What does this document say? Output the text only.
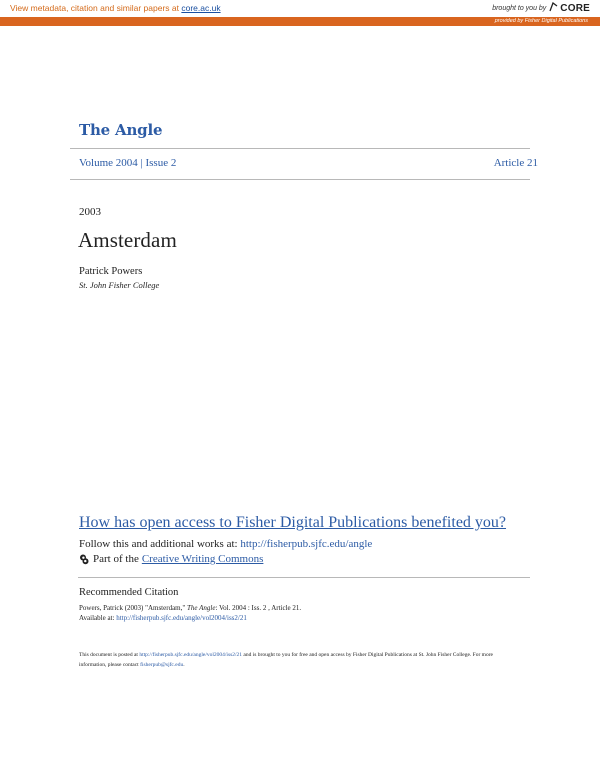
View metadata, citation and similar papers at core.ac.uk	brought to you by CORE
provided by Fisher Digital Publications
The Angle
Volume 2004 | Issue 2	Article 21
2003
Amsterdam
Patrick Powers
St. John Fisher College
How has open access to Fisher Digital Publications benefited you?
Follow this and additional works at: http://fisherpub.sjfc.edu/angle
Part of the Creative Writing Commons
Recommended Citation
Powers, Patrick (2003) "Amsterdam," The Angle: Vol. 2004 : Iss. 2 , Article 21.
Available at: http://fisherpub.sjfc.edu/angle/vol2004/iss2/21
This document is posted at http://fisherpub.sjfc.edu/angle/vol2004/iss2/21 and is brought to you for free and open access by Fisher Digital Publications at St. John Fisher College. For more information, please contact fisherpub@sjfc.edu.
